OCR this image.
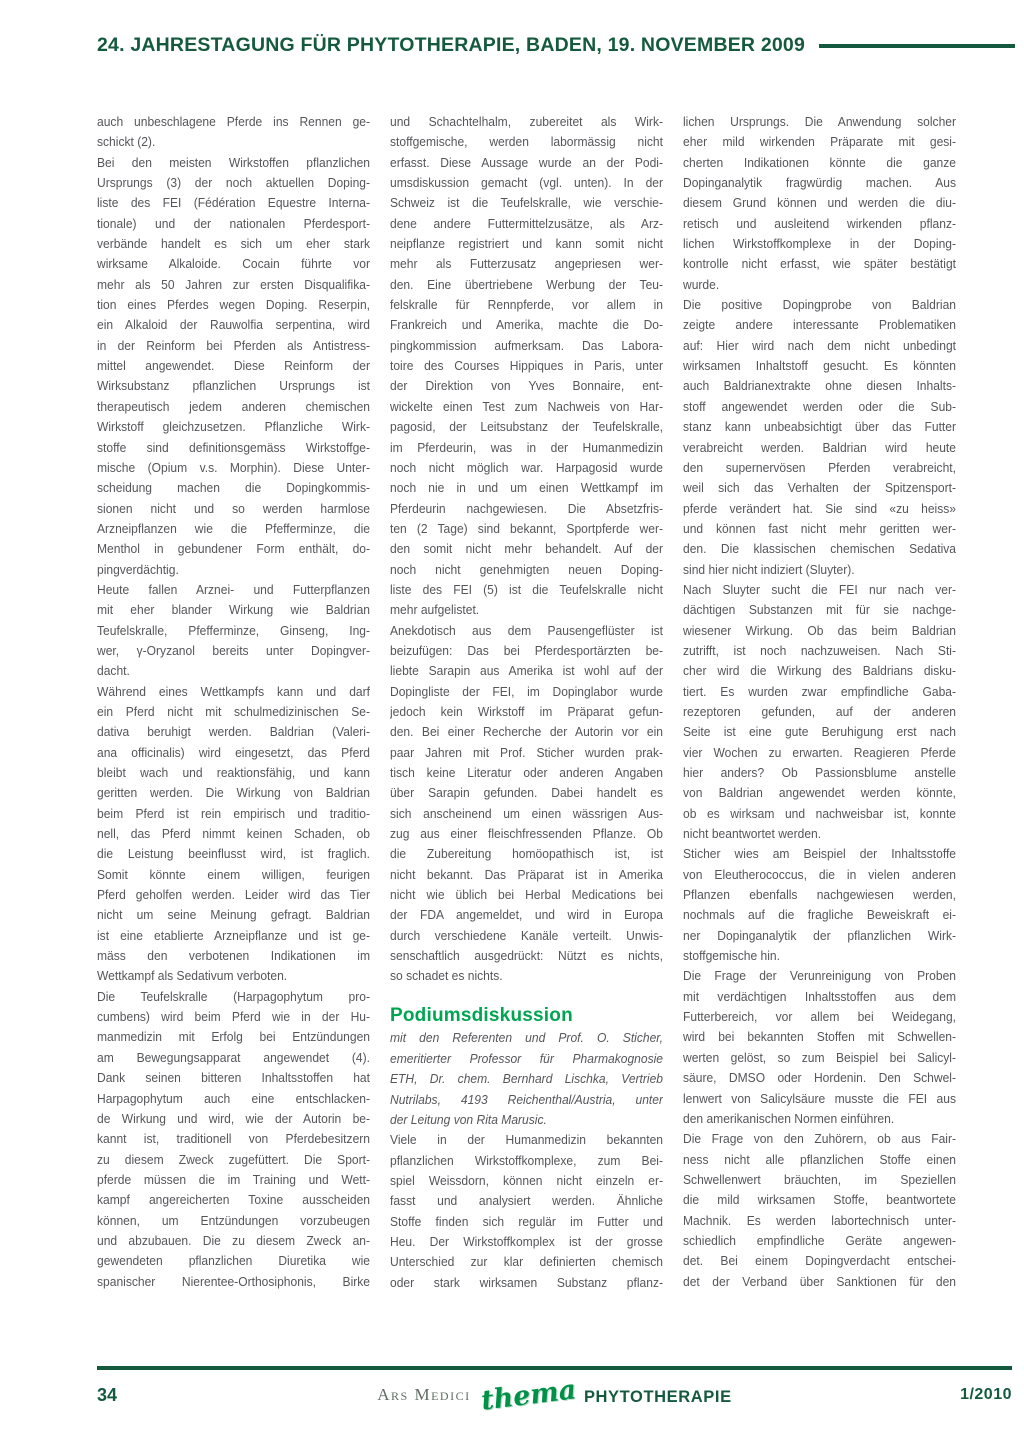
24. JAHRESTAGUNG FÜR PHYTOTHERAPIE, BADEN, 19. NOVEMBER 2009
auch unbeschlagene Pferde ins Rennen ge-
schickt (2).
Bei den meisten Wirkstoffen pflanzlichen
Ursprungs (3) der noch aktuellen Doping-
liste des FEI (Fédération Equestre Interna-
tionale) und der nationalen Pferdesport-
verbände handelt es sich um eher stark
wirksame Alkaloide. Cocain führte vor
mehr als 50 Jahren zur ersten Disqualifika-
tion eines Pferdes wegen Doping. Reserpin,
ein Alkaloid der Rauwolfia serpentina, wird
in der Reinform bei Pferden als Antistress-
mittel angewendet. Diese Reinform der
Wirksubstanz pflanzlichen Ursprungs ist
therapeutisch jedem anderen chemischen
Wirkstoff gleichzusetzen. Pflanzliche Wirk-
stoffe sind definitionsgemäss Wirkstoffge-
mische (Opium v.s. Morphin). Diese Unter-
scheidung machen die Dopingkommis-
sionen nicht und so werden harmlose
Arzneipflanzen wie die Pfefferminze, die
Menthol in gebundener Form enthält, do-
pingverdächtig.
Heute fallen Arznei- und Futterpflanzen
mit eher blander Wirkung wie Baldrian
Teufelskralle, Pfefferminze, Ginseng, Ing-
wer, γ-Oryzanol bereits unter Dopingver-
dacht.
Während eines Wettkampfs kann und darf
ein Pferd nicht mit schulmedizinischen Se-
dativa beruhigt werden. Baldrian (Valeri-
ana officinalis) wird eingesetzt, das Pferd
bleibt wach und reaktionsfähig, und kann
geritten werden. Die Wirkung von Baldrian
beim Pferd ist rein empirisch und traditio-
nell, das Pferd nimmt keinen Schaden, ob
die Leistung beeinflusst wird, ist fraglich.
Somit könnte einem willigen, feurigen
Pferd geholfen werden. Leider wird das Tier
nicht um seine Meinung gefragt. Baldrian
ist eine etablierte Arzneipflanze und ist ge-
mäss den verbotenen Indikationen im
Wettkampf als Sedativum verboten.
Die Teufelskralle (Harpagophytum pro-
cumbens) wird beim Pferd wie in der Hu-
manmedizin mit Erfolg bei Entzündungen
am Bewegungsapparat angewendet (4).
Dank seinen bitteren Inhaltsstoffen hat
Harpagophytum auch eine entschlacken-
de Wirkung und wird, wie der Autorin be-
kannt ist, traditionell von Pferdebesitzern
zu diesem Zweck zugefüttert. Die Sport-
pferde müssen die im Training und Wett-
kampf angereicherten Toxine ausscheiden
können, um Entzündungen vorzubeugen
und abzubauen. Die zu diesem Zweck an-
gewendeten pflanzlichen Diuretika wie
spanischer Nierentee-Orthosiphonis, Birke
und Schachtelhalm, zubereitet als Wirk-
stoffgemische, werden labormässig nicht
erfasst. Diese Aussage wurde an der Podi-
umsdiskussion gemacht (vgl. unten). In der
Schweiz ist die Teufelskralle, wie verschie-
dene andere Futtermittelzusätze, als Arz-
neipflanze registriert und kann somit nicht
mehr als Futterzusatz angepriesen wer-
den. Eine übertriebene Werbung der Teu-
felskralle für Rennpferde, vor allem in
Frankreich und Amerika, machte die Do-
pingkommission aufmerksam. Das Labora-
toire des Courses Hippiques in Paris, unter
der Direktion von Yves Bonnaire, ent-
wickelte einen Test zum Nachweis von Har-
pagosid, der Leitsubstanz der Teufelskralle,
im Pferdeurin, was in der Humanmedizin
noch nicht möglich war. Harpagosid wurde
noch nie in und um einen Wettkampf im
Pferdeurin nachgewiesen. Die Absetzfris-
ten (2 Tage) sind bekannt, Sportpferde wer-
den somit nicht mehr behandelt. Auf der
noch nicht genehmigten neuen Doping-
liste des FEI (5) ist die Teufelskralle nicht
mehr aufgelistet.
Anekdotisch aus dem Pausengeflüster ist
beizufügen: Das bei Pferdesportärzten be-
liebte Sarapin aus Amerika ist wohl auf der
Dopingliste der FEI, im Dopinglabor wurde
jedoch kein Wirkstoff im Präparat gefun-
den. Bei einer Recherche der Autorin vor ein
paar Jahren mit Prof. Sticher wurden prak-
tisch keine Literatur oder anderen Angaben
über Sarapin gefunden. Dabei handelt es
sich anscheinend um einen wässrigen Aus-
zug aus einer fleischfressenden Pflanze. Ob
die Zubereitung homöopathisch ist, ist
nicht bekannt. Das Präparat ist in Amerika
nicht wie üblich bei Herbal Medications bei
der FDA angemeldet, und wird in Europa
durch verschiedene Kanäle verteilt. Unwis-
senschaftlich ausgedrückt: Nützt es nichts,
so schadet es nichts.
Podiumsdiskussion
mit den Referenten und Prof. O. Sticher,
emeritierter Professor für Pharmakognosie
ETH, Dr. chem. Bernhard Lischka, Vertrieb
Nutrilabs, 4193 Reichenthal/Austria, unter
der Leitung von Rita Marusic.
Viele in der Humanmedizin bekannten
pflanzlichen Wirkstoffkomplexe, zum Bei-
spiel Weissdorn, können nicht einzeln er-
fasst und analysiert werden. Ähnliche
Stoffe finden sich regulär im Futter und
Heu. Der Wirkstoffkomplex ist der grosse
Unterschied zur klar definierten chemisch
oder stark wirksamen Substanz pflanz-
lichen Ursprungs. Die Anwendung solcher
eher mild wirkenden Präparate mit gesi-
cherten Indikationen könnte die ganze
Dopinganalytik fragwürdig machen. Aus
diesem Grund können und werden die diu-
retisch und ausleitend wirkenden pflanz-
lichen Wirkstoffkomplexe in der Doping-
kontrolle nicht erfasst, wie später bestätigt
wurde.
Die positive Dopingprobe von Baldrian
zeigte andere interessante Problematiken
auf: Hier wird nach dem nicht unbedingt
wirksamen Inhaltstoff gesucht. Es könnten
auch Baldrianextrakte ohne diesen Inhalts-
stoff angewendet werden oder die Sub-
stanz kann unbeabsichtigt über das Futter
verabreicht werden. Baldrian wird heute
den supernervösen Pferden verabreicht,
weil sich das Verhalten der Spitzensport-
pferde verändert hat. Sie sind «zu heiss»
und können fast nicht mehr geritten wer-
den. Die klassischen chemischen Sedativa
sind hier nicht indiziert (Sluyter).
Nach Sluyter sucht die FEI nur nach ver-
dächtigen Substanzen mit für sie nachge-
wiesener Wirkung. Ob das beim Baldrian
zutrifft, ist noch nachzuweisen. Nach Sti-
cher wird die Wirkung des Baldrians disku-
tiert. Es wurden zwar empfindliche Gaba-
rezeptoren gefunden, auf der anderen
Seite ist eine gute Beruhigung erst nach
vier Wochen zu erwarten. Reagieren Pferde
hier anders? Ob Passionsblume anstelle
von Baldrian angewendet werden könnte,
ob es wirksam und nachweisbar ist, konnte
nicht beantwortet werden.
Sticher wies am Beispiel der Inhaltsstoffe
von Eleutherococcus, die in vielen anderen
Pflanzen ebenfalls nachgewiesen werden,
nochmals auf die fragliche Beweiskraft ei-
ner Dopinganalytik der pflanzlichen Wirk-
stoffgemische hin.
Die Frage der Verunreinigung von Proben
mit verdächtigen Inhaltsstoffen aus dem
Futterbereich, vor allem bei Weidegang,
wird bei bekannten Stoffen mit Schwellen-
werten gelöst, so zum Beispiel bei Salicyl-
säure, DMSO oder Hordenin. Den Schwel-
lenwert von Salicylsäure musste die FEI aus
den amerikanischen Normen einführen.
Die Frage von den Zuhörern, ob aus Fair-
ness nicht alle pflanzlichen Stoffe einen
Schwellenwert bräuchten, im Speziellen
die mild wirksamen Stoffe, beantwortete
Machnik. Es werden labortechnisch unter-
schiedlich empfindliche Geräte angewen-
det. Bei einem Dopingverdacht entschei-
det der Verband über Sanktionen für den
34	Ars Medici thema PHYTOTHERAPIE	1/2010
